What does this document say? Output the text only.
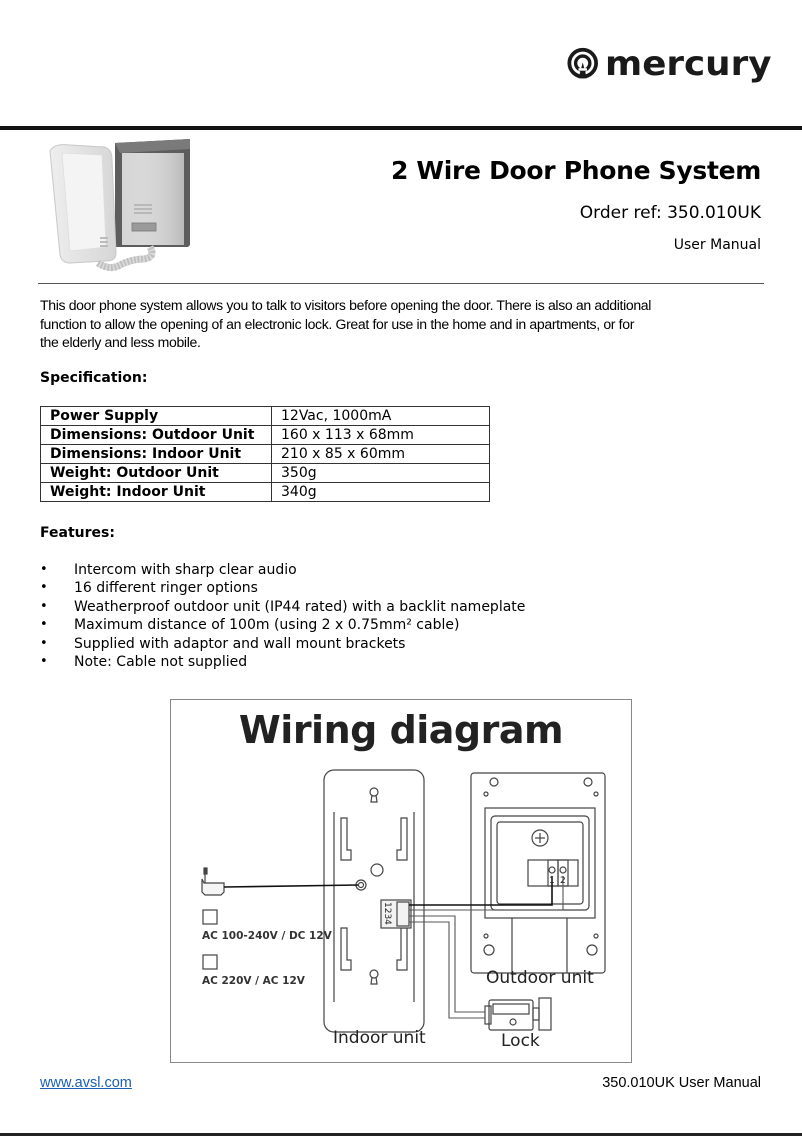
mercury
2 Wire Door Phone System
Order ref: 350.010UK
User Manual
This door phone system allows you to talk to visitors before opening the door. There is also an additional
function to allow the opening of an electronic lock. Great for use in the home and in apartments, or for
the elderly and less mobile.
Specification:
Power Supply	12Vac, 1000mA
Dimensions: Outdoor Unit	160 x 113 x 68mm
Dimensions: Indoor Unit	210 x 85 x 60mm
Weight: Outdoor Unit	350g
Weight: Indoor Unit	340g
Features:
• Intercom with sharp clear audio
• 16 different ringer options
• Weatherproof outdoor unit (IP44 rated) with a backlit nameplate
• Maximum distance of 100m (using 2 x 0.75mm² cable)
• Supplied with adaptor and wall mount brackets
• Note: Cable not supplied
Wiring diagram
1234
1 2
AC 100-240V / DC 12V
AC 220V / AC 12V
Indoor unit
Outdoor unit
Lock
www.avsl.com	350.010UK User Manual
